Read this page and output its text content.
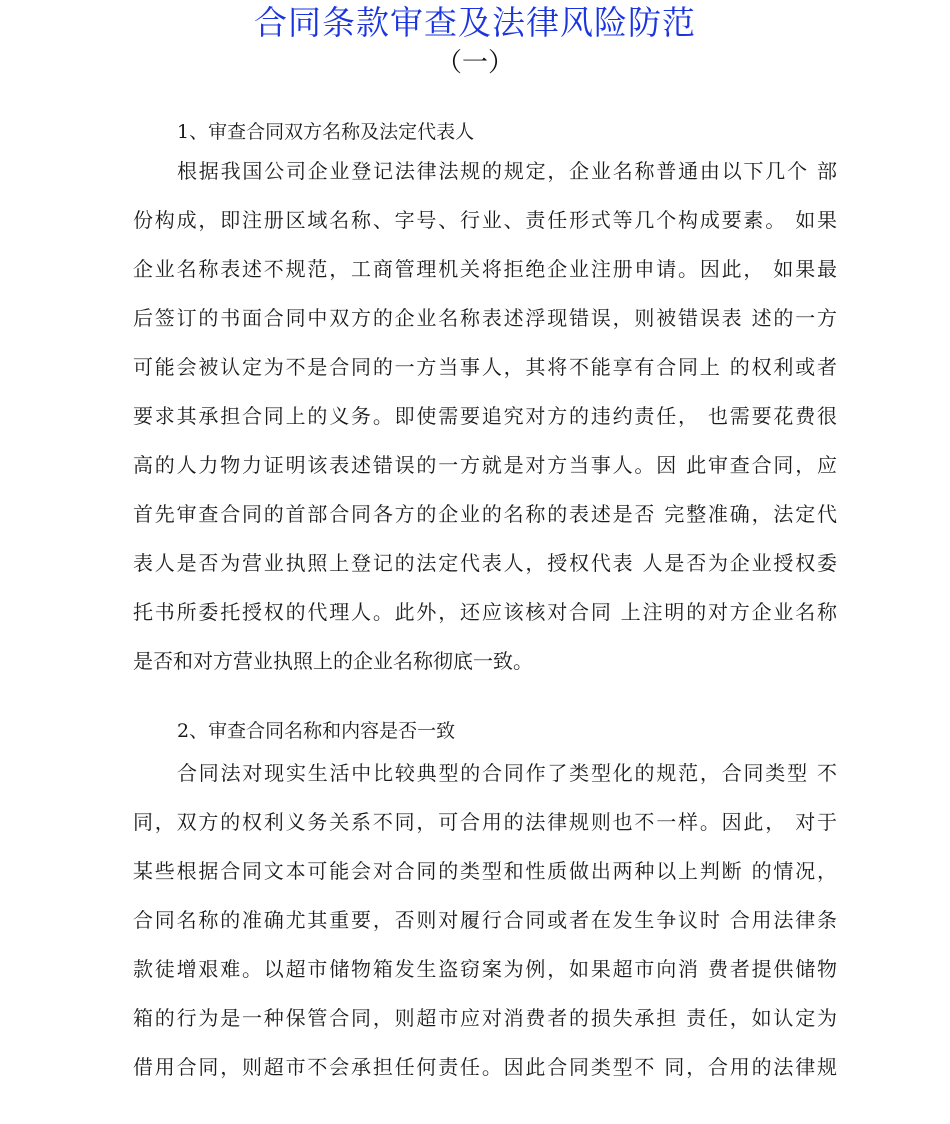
合同条款审查及法律风险防范
（一）
1、审查合同双方名称及法定代表人
根据我国公司企业登记法律法规的规定，企业名称普通由以下几个 部
份构成，即注册区域名称、字号、行业、责任形式等几个构成要素。 如果
企业名称表述不规范，工商管理机关将拒绝企业注册申请。因此， 如果最
后签订的书面合同中双方的企业名称表述浮现错误，则被错误表 述的一方
可能会被认定为不是合同的一方当事人，其将不能享有合同上 的权利或者
要求其承担合同上的义务。即使需要追究对方的违约责任， 也需要花费很
高的人力物力证明该表述错误的一方就是对方当事人。因 此审查合同，应
首先审查合同的首部合同各方的企业的名称的表述是否 完整准确，法定代
表人是否为营业执照上登记的法定代表人，授权代表 人是否为企业授权委
托书所委托授权的代理人。此外，还应该核对合同 上注明的对方企业名称
是否和对方营业执照上的企业名称彻底一致。
2、审查合同名称和内容是否一致
合同法对现实生活中比较典型的合同作了类型化的规范，合同类型 不
同，双方的权利义务关系不同，可合用的法律规则也不一样。因此， 对于
某些根据合同文本可能会对合同的类型和性质做出两种以上判断 的情况，
合同名称的准确尤其重要，否则对履行合同或者在发生争议时 合用法律条
款徒增艰难。以超市储物箱发生盗窃案为例，如果超市向消 费者提供储物
箱的行为是一种保管合同，则超市应对消费者的损失承担 责任，如认定为
借用合同，则超市不会承担任何责任。因此合同类型不 同，合用的法律规
